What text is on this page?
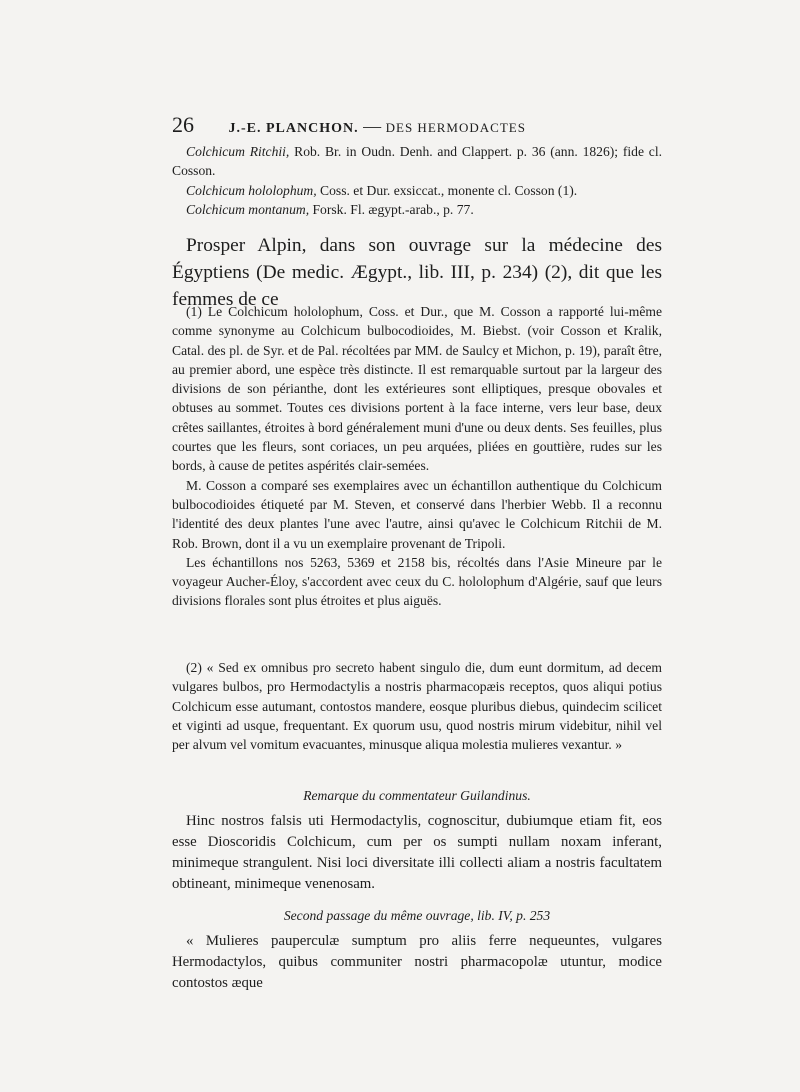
26 J.-E. PLANCHON. — DES HERMODACTES

Colchicum Ritchii, Rob. Br. in Oudn. Denh. and Clappert. p. 36 (ann. 1826); fide cl. Cosson.

Colchicum hololophum, Coss. et Dur. exsiccat., monente cl. Cosson (1).

Colchicum montanum, Forsk. Fl. ægypt.-arab., p. 77.

Prosper Alpin, dans son ouvrage sur la médecine des Égyptiens (De medic. Ægypt., lib. III, p. 234) (2), dit que les femmes de ce

(1) Le Colchicum hololophum, Coss. et Dur., que M. Cosson a rapporté lui-même comme synonyme au Colchicum bulbocodioides, M. Biebst. (voir Cosson et Kralik, Catal. des pl. de Syr. et de Pal. récoltées par MM. de Saulcy et Michon, p. 19), paraît être, au premier abord, une espèce très distincte. Il est remarquable surtout par la largeur des divisions de son périanthe, dont les extérieures sont elliptiques, presque obovales et obtuses au sommet. Toutes ces divisions portent à la face interne, vers leur base, deux crêtes saillantes, étroites à bord généralement muni d'une ou deux dents. Ses feuilles, plus courtes que les fleurs, sont coriaces, un peu arquées, pliées en gouttière, rudes sur les bords, à cause de petites aspérités clair-semées.

M. Cosson a comparé ses exemplaires avec un échantillon authentique du Colchicum bulbocodioides étiqueté par M. Steven, et conservé dans l'herbier Webb. Il a reconnu l'identité des deux plantes l'une avec l'autre, ainsi qu'avec le Colchicum Ritchii de M. Rob. Brown, dont il a vu un exemplaire provenant de Tripoli.

Les échantillons nos 5263, 5369 et 2158 bis, récoltés dans l'Asie Mineure par le voyageur Aucher-Éloy, s'accordent avec ceux du C. hololophum d'Algérie, sauf que leurs divisions florales sont plus étroites et plus aiguës.

(2) « Sed ex omnibus pro secreto habent singulo die, dum eunt dormitum, ad decem vulgares bulbos, pro Hermodactylis a nostris pharmacopæis receptos, quos aliqui potius Colchicum esse autumant, contostos mandere, eosque pluribus diebus, quindecim scilicet et viginti ad usque, frequentant. Ex quorum usu, quod nostris mirum videbitur, nihil vel per alvum vel vomitum evacuantes, minusque aliqua molestia mulieres vexantur. »

Remarque du commentateur Guilandinus.

Hinc nostros falsis uti Hermodactylis, cognoscitur, dubiumque etiam fit, eos esse Dioscoridis Colchicum, cum per os sumpti nullam noxam inferant, minimeque strangulent. Nisi loci diversitate illi collecti aliam a nostris facultatem obtineant, minimeque venenosam.

Second passage du même ouvrage, lib. IV, p. 253

« Mulieres pauperculæ sumptum pro aliis ferre nequeuntes, vulgares Hermodactylos, quibus communiter nostri pharmacopolæ utuntur, modice contostos æque
